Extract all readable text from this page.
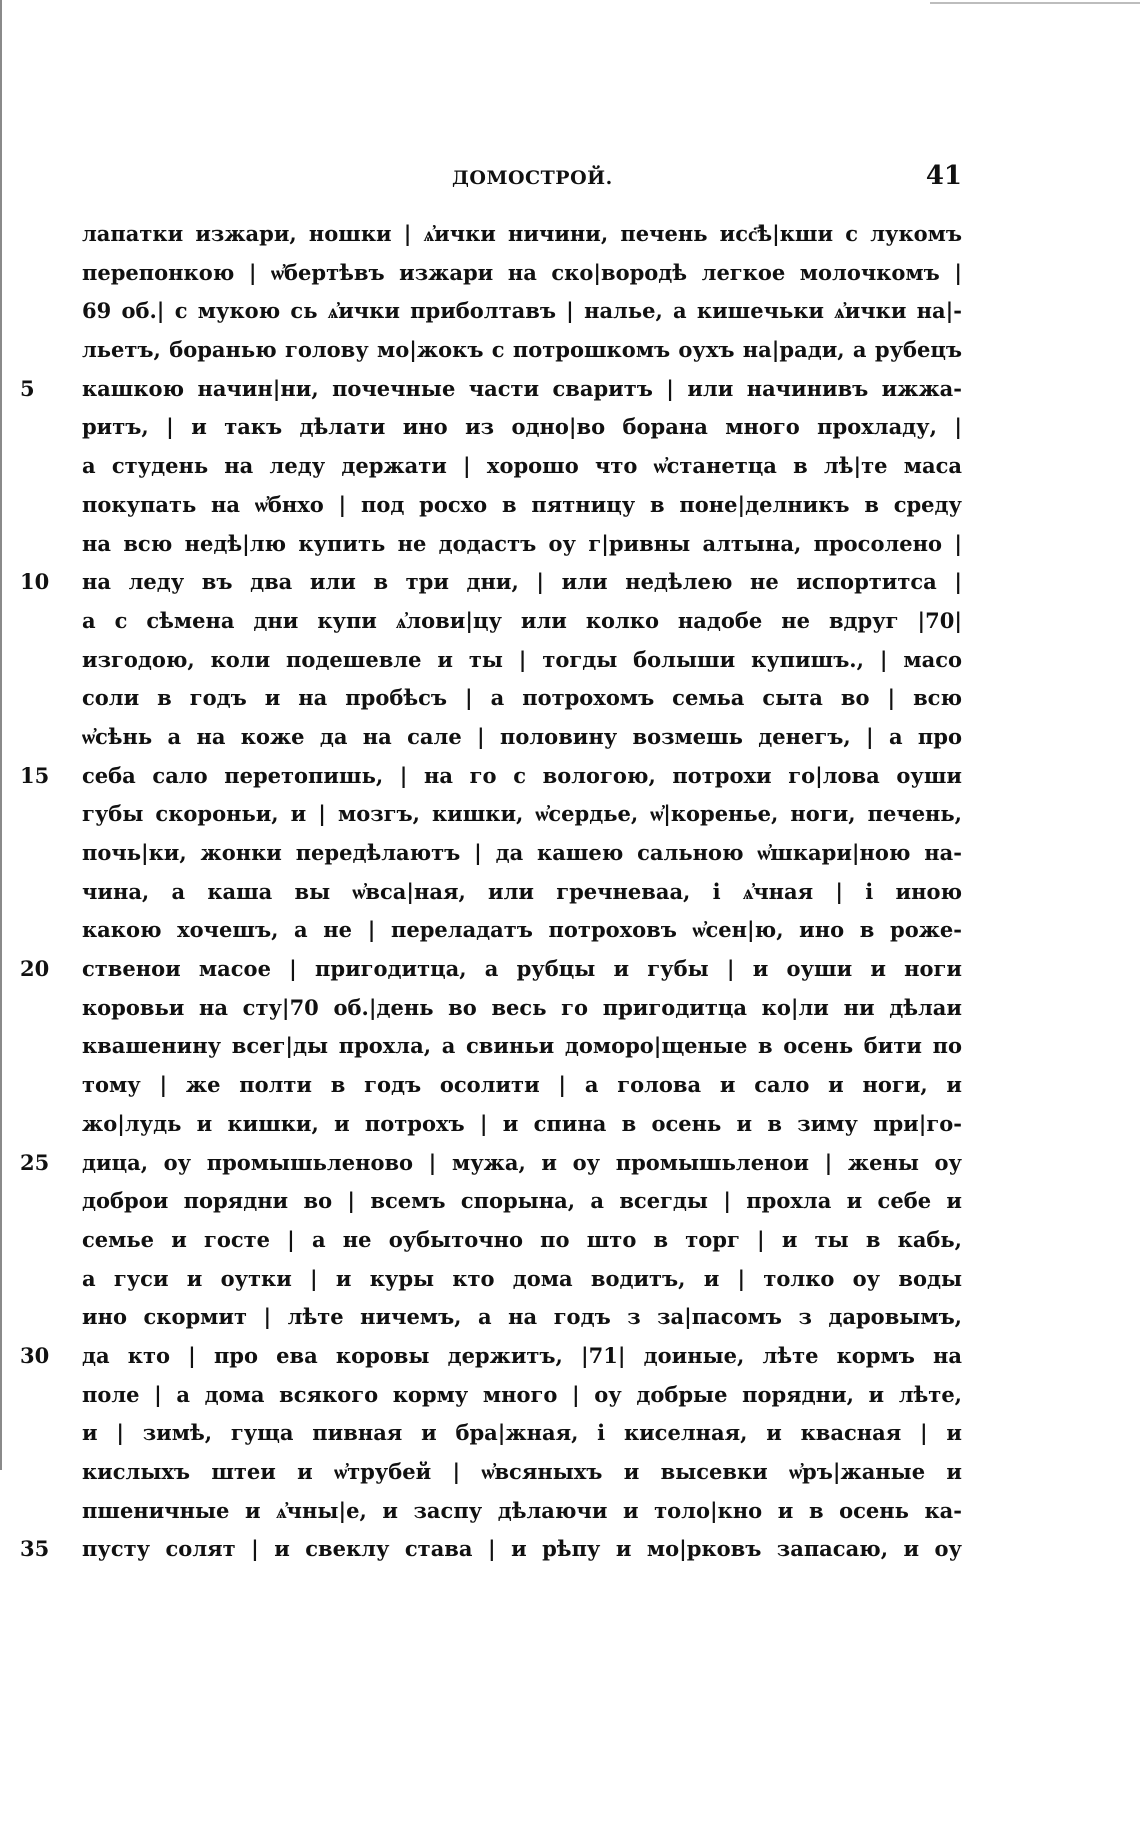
ДОМОСТРОЙ.	41
лапатки изжари, ношки | ѧ̓ички ничини, печень исс҃ѣ|кши с лукомъ
перепонкою | ѡ̓бертѣвъ изжари на ско|вородѣ легкое молочкомъ |
69 об.| с мукою сь ѧ̓ички приболтавъ | налье, а кишечьки ѧ̓ички на|-
льетъ, боранью голову мо|жокъ с потрошкомъ оухъ на|ради, а рубецъ
5	кашкою начин|ни, почечные части сваритъ | или начинивъ ижжа-
ритъ, | и такъ дѣлати ино из одно|во борана много прохладу, |
а студень на леду держати | хорошо что ѡ̓станетца в лѣ|те маса
покупать на ѡ̓бнхо | под росхо в пятницу в поне|делникъ в среду
на всю недѣ|лю купить не додастъ оу г|ривны алтына, просолено |
10 на леду въ два или в три дни, | или недѣлею не испортитса |
а с сѣмена дни купи ѧ̓лови|цу или колко надобе не вдруг |70|
изгодою, коли подешевле и ты | тогды болыши купишъ., | масо
соли в годъ и на пробѣсъ | а потрохомъ семьа сыта во | всю
ѡ̓сѣнь а на коже да на сале | половину возмешь денегъ, | а про
15 себа сало перетопишь, | на го с вологою, потрохи го|лова оуши
губы скороньи, и | мозгъ, кишки, ѡ̓сердье, ѡ̓|коренье, ноги, печень,
почь|ки, жонки передѣлаютъ | да кашею сальною ѡ̓шкари|ною на-
чина, а каша вы ѡ̓вса|ная, или гречневаа, і ѧ̓чная | і иною
какою хочешъ, а не | переладатъ потроховъ ѡ̓сен|ю, ино в роже-
20 ственои масое | пригодитца, а рубцы и губы | и оуши и ноги
коровьи на сту|70 об.|день во весь го пригодитца ко|ли ни дѣлаи
квашенину всег|ды прохла, а свиньи доморо|щеные в осень бити по
тому | же полти в годъ осолити | а голова и сало и ноги, и
жо|лудь и кишки, и потрохъ | и спина в осень и в зиму при|го-
25 дица, оу промышьленово | мужа, и оу промышьленои | жены оу
доброи порядни во | всемъ спорына, а всегды | прохла и себе и
семье и госте | а не оубыточно по што в торг | и ты в кабь,
а гуси и оутки | и куры кто дома водитъ, и | толко оу воды
ино скормит | лѣте ничемъ, а на годъ з за|пасомъ з даровымъ,
30 да кто | про ева коровы держитъ, |71| доиные, лѣте кормъ на
поле | а дома всякого корму много | оу добрые порядни, и лѣте,
и | зимѣ, гуща пивная и бра|жная, і киселная, и квасная | и
кислыхъ штеи и ѡ̓трубей | ѡ̓всяныхъ и высевки ѡ̓ръ|жаные и
пшеничные и ѧ̓чны|е, и заспу дѣлаючи и толо|кно и в осень ка-
35 пусту солят | и свеклу става | и рѣпу и мо|рковъ запасаю, и оу
